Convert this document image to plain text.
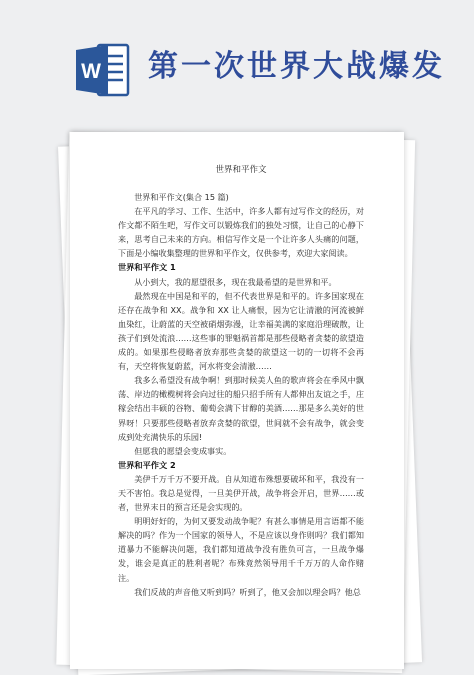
W 第一次世界大战爆发
世界和平作文

世界和平作文(集合 15 篇)

在平凡的学习、工作、生活中，许多人都有过写作文的经历，对作文都不陌生吧，写作文可以锻炼我们的独处习惯，让自己的心静下来，思考自己未来的方向。相信写作文是一个让许多人头痛的问题，下面是小编收集整理的世界和平作文，仅供参考，欢迎大家阅读。

世界和平作文 1

从小到大，我的愿望很多，现在我最希望的是世界和平。

最然现在中国是和平的，但不代表世界是和平的。许多国家现在还存在战争和 XX。战争和 XX 让人痛恨，因为它让清澈的河流被鲜血染红，让蔚蓝的天空被硝烟弥漫，让幸福美满的家庭沿理破散，让孩子们到处流浪……这些事的罪魁祸首都是那些侵略者贪婪的欲望造成的。如果那些侵略者放弃那些贪婪的欲望这一切的一切将不会再有，天空将恢复蔚蓝，河水将变会清澈……

我多么希望没有战争啊！到那时候美人鱼的歌声将会在季风中飘荡、岸边的橄榄树将会向过往的船只招手所有人都伸出友谊之手，庄稼会结出丰硕的谷物、葡萄会满下甘醇的美酒……那是多么美好的世界呀！只要那些侵略者放弃贪婪的欲望，世间就不会有战争，就会变成到处充满快乐的乐园!

但愿我的愿望会变成事实。

世界和平作文 2

美伊千万千万不要开战。自从知道布殊想要破坏和平，我没有一天不害怕。我总是觉得，一旦美伊开战，战争将会开启，世界……或者，世界末日的预言还是会实现的。

明明好好的，为何又要发动战争呢？有甚么事情是用言语都不能解决的吗？作为一个国家的领导人，不是应该以身作则吗？我们都知道暴力不能解决问题，我们都知道战争没有胜负可言，一旦战争爆发，谁会是真正的胜利者呢？布殊竟然领导用千千万万的人命作赌注。

我们反战的声音他又听到吗？听到了，他又会加以理会吗？他总
